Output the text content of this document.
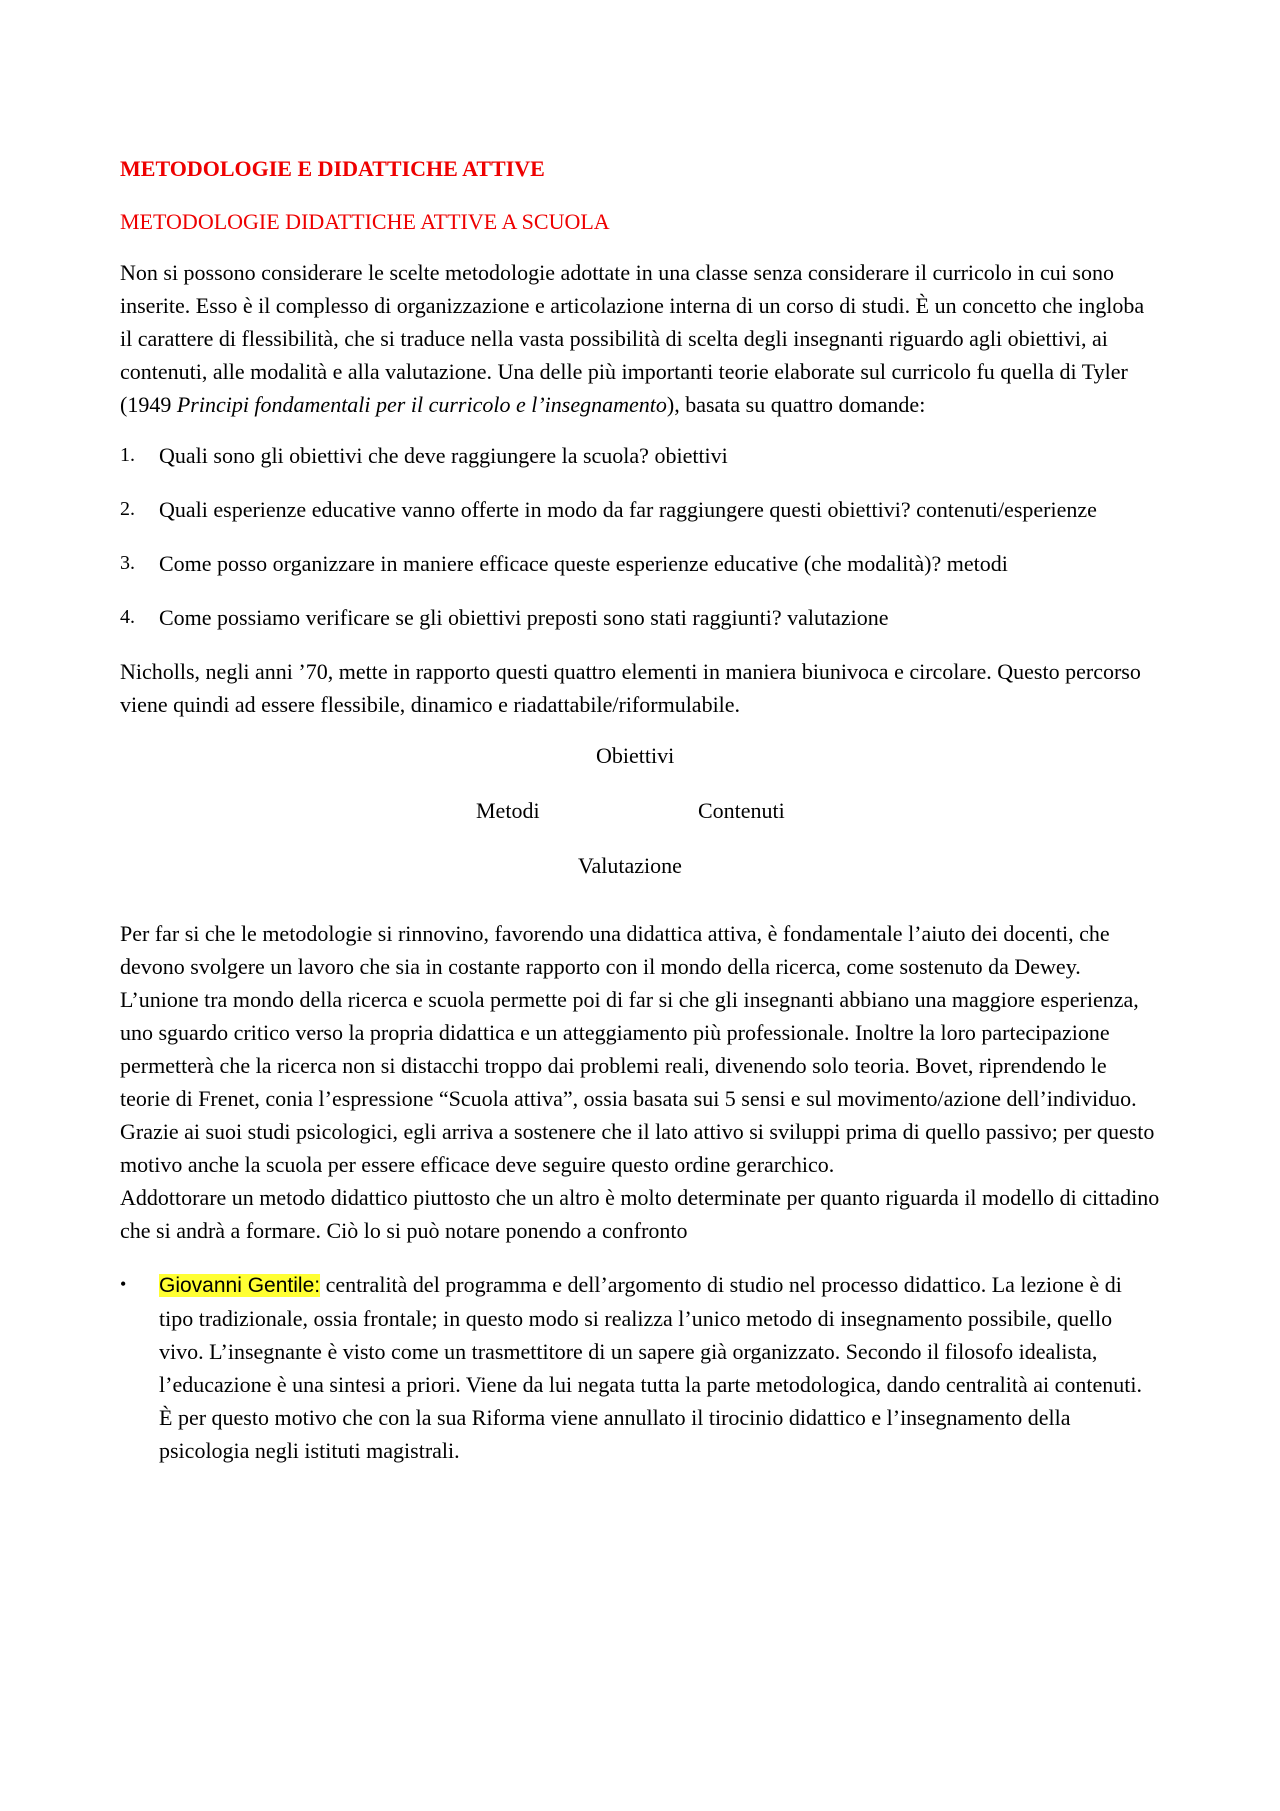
METODOLOGIE E DIDATTICHE ATTIVE
METODOLOGIE DIDATTICHE ATTIVE A SCUOLA

Non si possono considerare le scelte metodologie adottate in una classe senza considerare il curricolo in cui sono inserite. Esso è il complesso di organizzazione e articolazione interna di un corso di studi. È un concetto che ingloba il carattere di flessibilità, che si traduce nella vasta possibilità di scelta degli insegnanti riguardo agli obiettivi, ai contenuti, alle modalità e alla valutazione. Una delle più importanti teorie elaborate sul curricolo fu quella di Tyler (1949 Principi fondamentali per il curricolo e l’insegnamento), basata su quattro domande:

1. Quali sono gli obiettivi che deve raggiungere la scuola? obiettivi
2. Quali esperienze educative vanno offerte in modo da far raggiungere questi obiettivi? contenuti/esperienze
3. Come posso organizzare in maniere efficace queste esperienze educative (che modalità)? metodi
4. Come possiamo verificare se gli obiettivi preposti sono stati raggiunti? valutazione

Nicholls, negli anni ’70, mette in rapporto questi quattro elementi in maniera biunivoca e circolare. Questo percorso viene quindi ad essere flessibile, dinamico e riadattabile/riformulabile.

Obiettivi
Metodi	Contenuti
Valutazione

Per far si che le metodologie si rinnovino, favorendo una didattica attiva, è fondamentale l’aiuto dei docenti, che devono svolgere un lavoro che sia in costante rapporto con il mondo della ricerca, come sostenuto da Dewey. L’unione tra mondo della ricerca e scuola permette poi di far si che gli insegnanti abbiano una maggiore esperienza, uno sguardo critico verso la propria didattica e un atteggiamento più professionale. Inoltre la loro partecipazione permetterà che la ricerca non si distacchi troppo dai problemi reali, divenendo solo teoria. Bovet, riprendendo le teorie di Frenet, conia l’espressione “Scuola attiva”, ossia basata sui 5 sensi e sul movimento/azione dell’individuo. Grazie ai suoi studi psicologici, egli arriva a sostenere che il lato attivo si sviluppi prima di quello passivo; per questo motivo anche la scuola per essere efficace deve seguire questo ordine gerarchico.

Addottorare un metodo didattico piuttosto che un altro è molto determinate per quanto riguarda il modello di cittadino che si andrà a formare. Ciò lo si può notare ponendo a confronto

• Giovanni Gentile: centralità del programma e dell’argomento di studio nel processo didattico. La lezione è di tipo tradizionale, ossia frontale; in questo modo si realizza l’unico metodo di insegnamento possibile, quello vivo. L’insegnante è visto come un trasmettitore di un sapere già organizzato. Secondo il filosofo idealista, l’educazione è una sintesi a priori. Viene da lui negata tutta la parte metodologica, dando centralità ai contenuti. È per questo motivo che con la sua Riforma viene annullato il tirocinio didattico e l’insegnamento della psicologia negli istituti magistrali.
